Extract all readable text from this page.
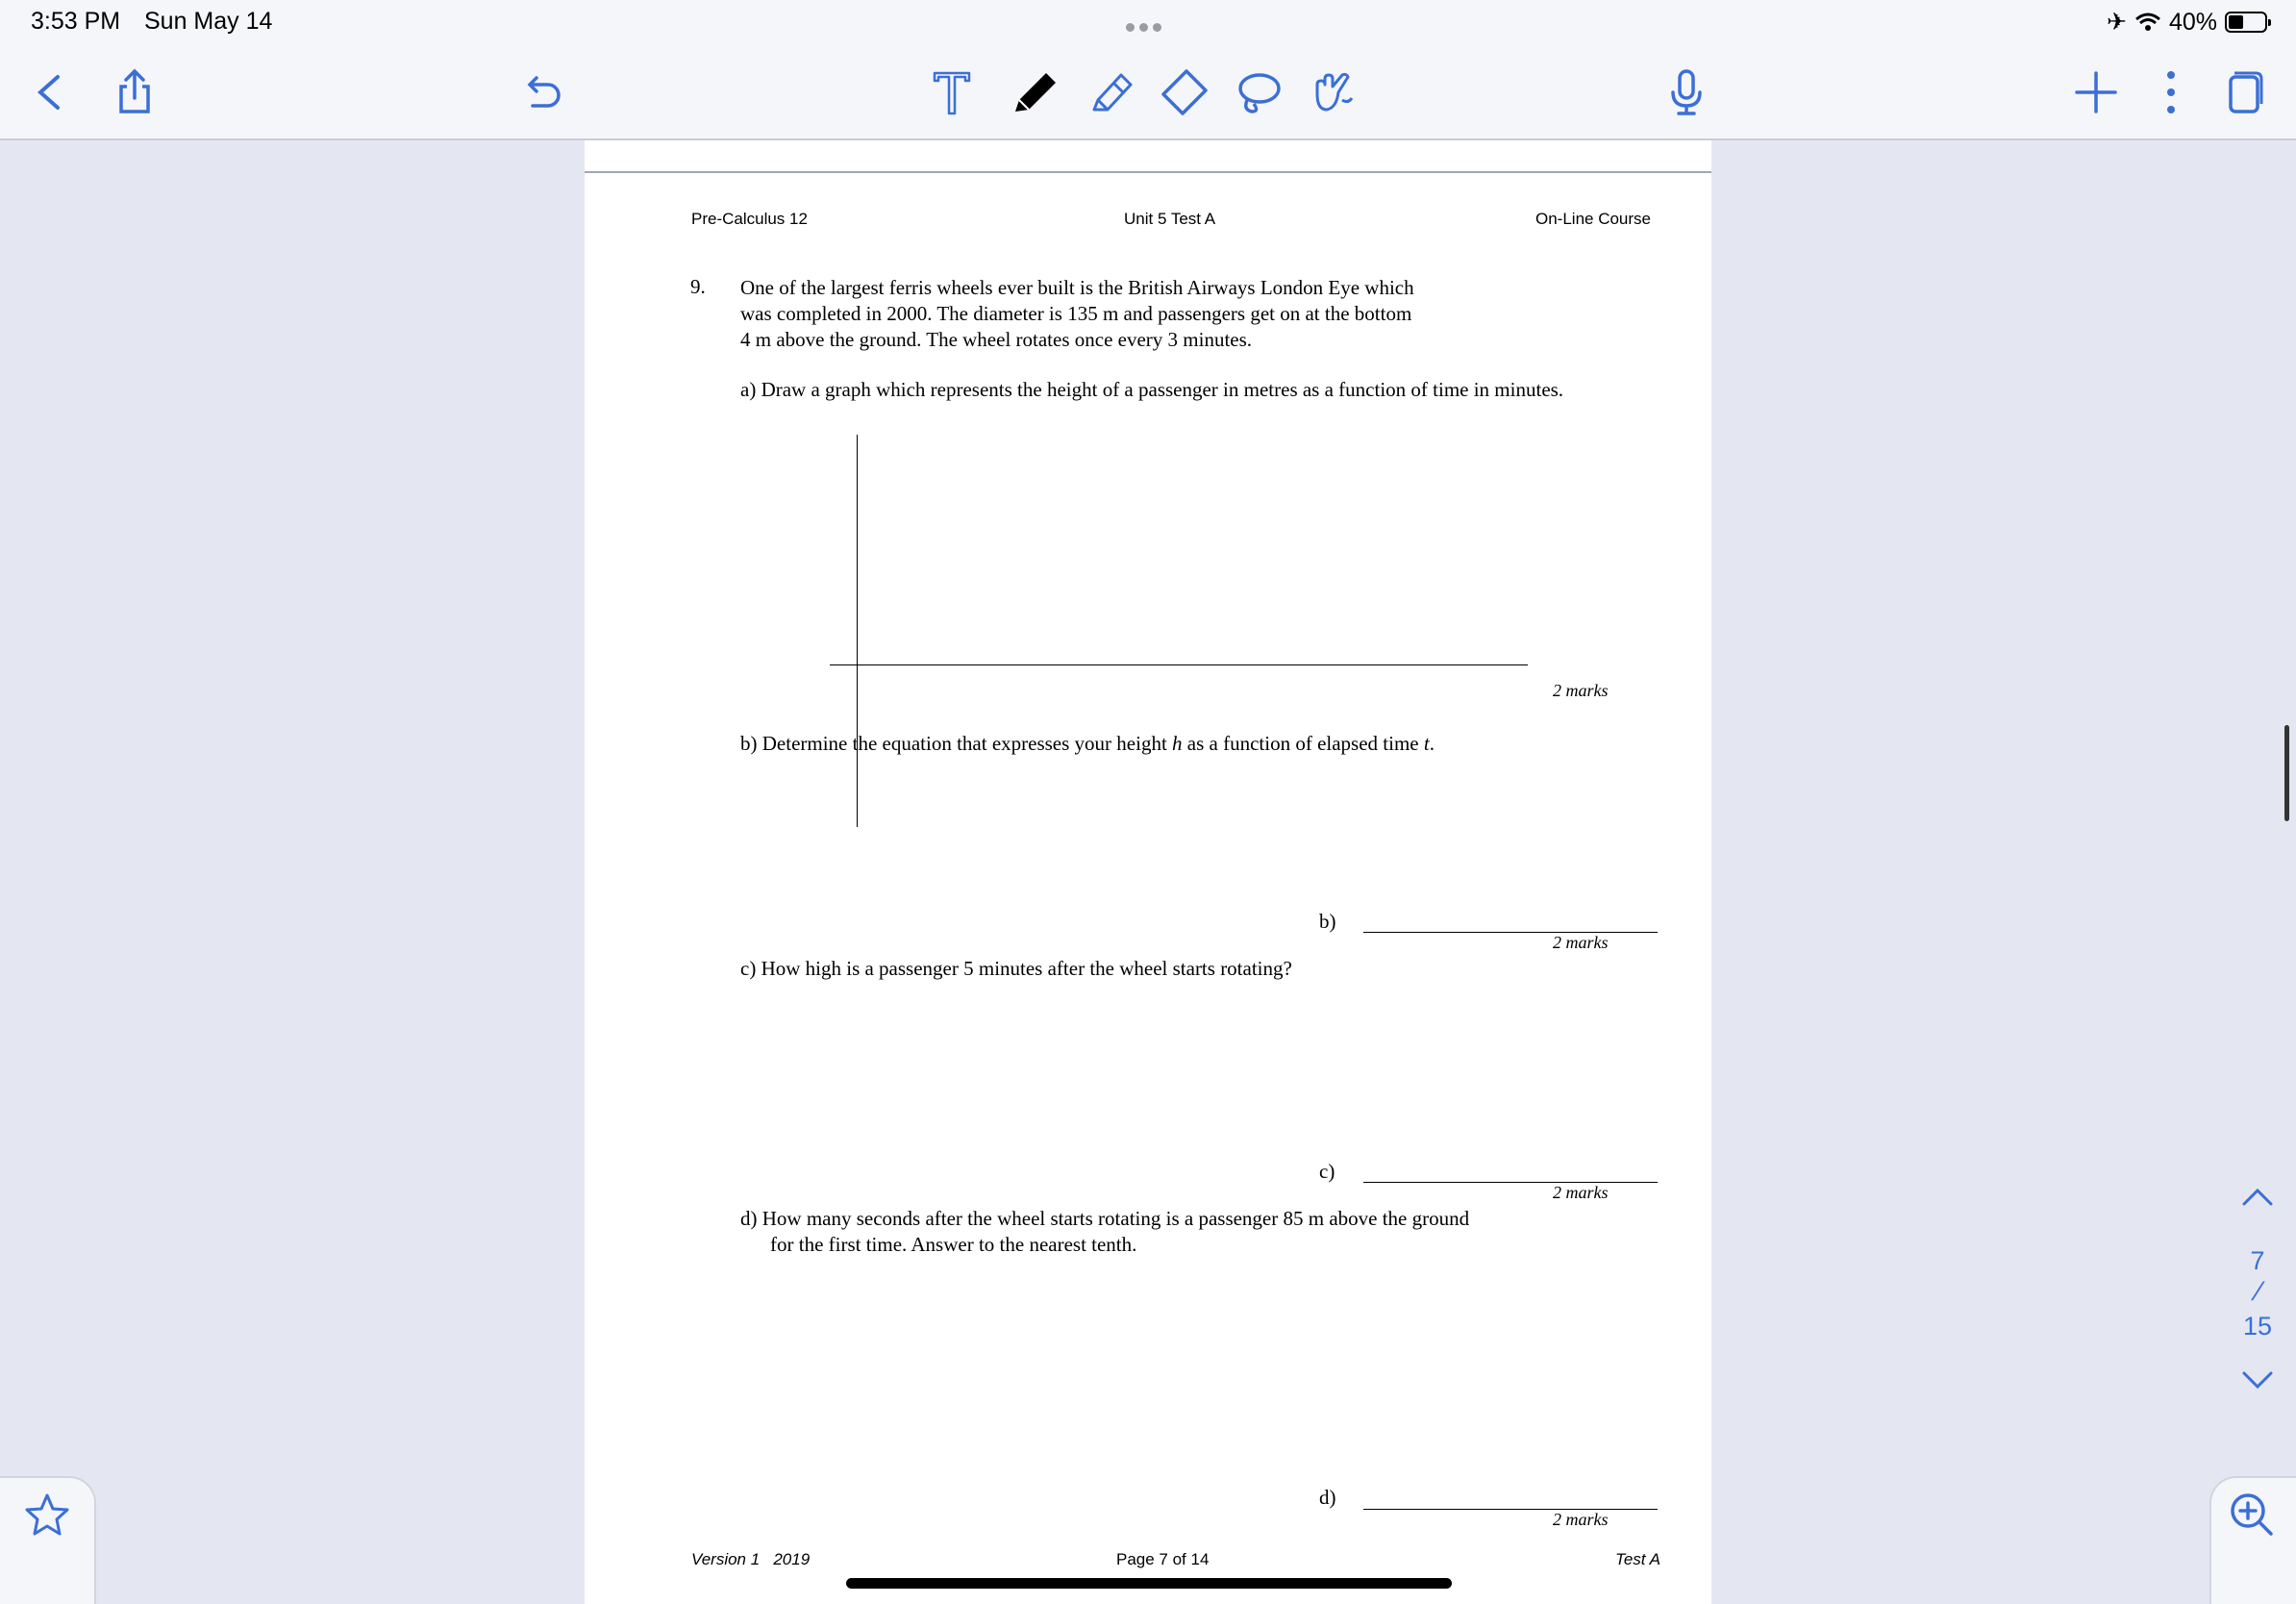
3:53 PM Sun May 14	✈ 40%
7
/
15
Pre-Calculus 12	Unit 5 Test A	On-Line Course
9. One of the largest ferris wheels ever built is the British Airways London Eye which
was completed in 2000. The diameter is 135 m and passengers get on at the bottom
4 m above the ground. The wheel rotates once every 3 minutes.
a) Draw a graph which represents the height of a passenger in metres as a function of time in minutes.
2 marks
b) Determine the equation that expresses your height h as a function of elapsed time t.
b)
2 marks
c) How high is a passenger 5 minutes after the wheel starts rotating?
c)
2 marks
d) How many seconds after the wheel starts rotating is a passenger 85 m above the ground
for the first time. Answer to the nearest tenth.
d)
2 marks
Version 1   2019	Page 7 of 14	Test A
